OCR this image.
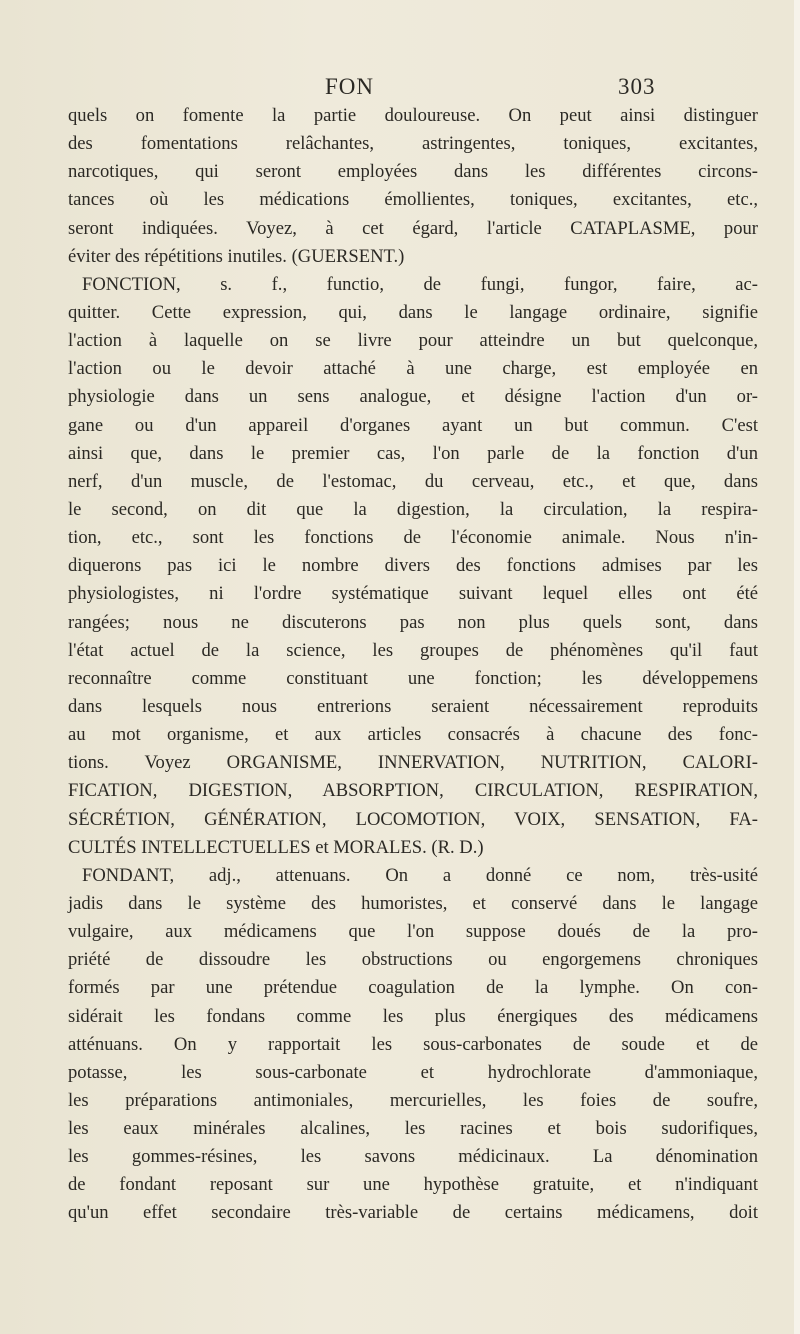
FON	303
quels on fomente la partie douloureuse. On peut ainsi distinguer
des fomentations relâchantes, astringentes, toniques, excitantes,
narcotiques, qui seront employées dans les différentes circons-
tances où les médications émollientes, toniques, excitantes, etc.,
seront indiquées. Voyez, à cet égard, l'article CATAPLASME, pour
éviter des répétitions inutiles. (GUERSENT.)
FONCTION, s. f., functio, de fungi, fungor, faire, ac-
quitter. Cette expression, qui, dans le langage ordinaire, signifie
l'action à laquelle on se livre pour atteindre un but quelconque,
l'action ou le devoir attaché à une charge, est employée en
physiologie dans un sens analogue, et désigne l'action d'un or-
gane ou d'un appareil d'organes ayant un but commun. C'est
ainsi que, dans le premier cas, l'on parle de la fonction d'un
nerf, d'un muscle, de l'estomac, du cerveau, etc., et que, dans
le second, on dit que la digestion, la circulation, la respira-
tion, etc., sont les fonctions de l'économie animale. Nous n'in-
diquerons pas ici le nombre divers des fonctions admises par les
physiologistes, ni l'ordre systématique suivant lequel elles ont été
rangées; nous ne discuterons pas non plus quels sont, dans
l'état actuel de la science, les groupes de phénomènes qu'il faut
reconnaître comme constituant une fonction; les développemens
dans lesquels nous entrerions seraient nécessairement reproduits
au mot organisme, et aux articles consacrés à chacune des fonc-
tions. Voyez ORGANISME, INNERVATION, NUTRITION, CALORI-
FICATION, DIGESTION, ABSORPTION, CIRCULATION, RESPIRATION,
SÉCRÉTION, GÉNÉRATION, LOCOMOTION, VOIX, SENSATION, FA-
CULTÉS INTELLECTUELLES et MORALES. (R. D.)
FONDANT, adj., attenuans. On a donné ce nom, très-usité
jadis dans le système des humoristes, et conservé dans le langage
vulgaire, aux médicamens que l'on suppose doués de la pro-
priété de dissoudre les obstructions ou engorgemens chroniques
formés par une prétendue coagulation de la lymphe. On con-
sidérait les fondans comme les plus énergiques des médicamens
atténuans. On y rapportait les sous-carbonates de soude et de
potasse, les sous-carbonate et hydrochlorate d'ammoniaque,
les préparations antimoniales, mercurielles, les foies de soufre,
les eaux minérales alcalines, les racines et bois sudorifiques,
les gommes-résines, les savons médicinaux. La dénomination
de fondant reposant sur une hypothèse gratuite, et n'indiquant
qu'un effet secondaire très-variable de certains médicamens, doit
